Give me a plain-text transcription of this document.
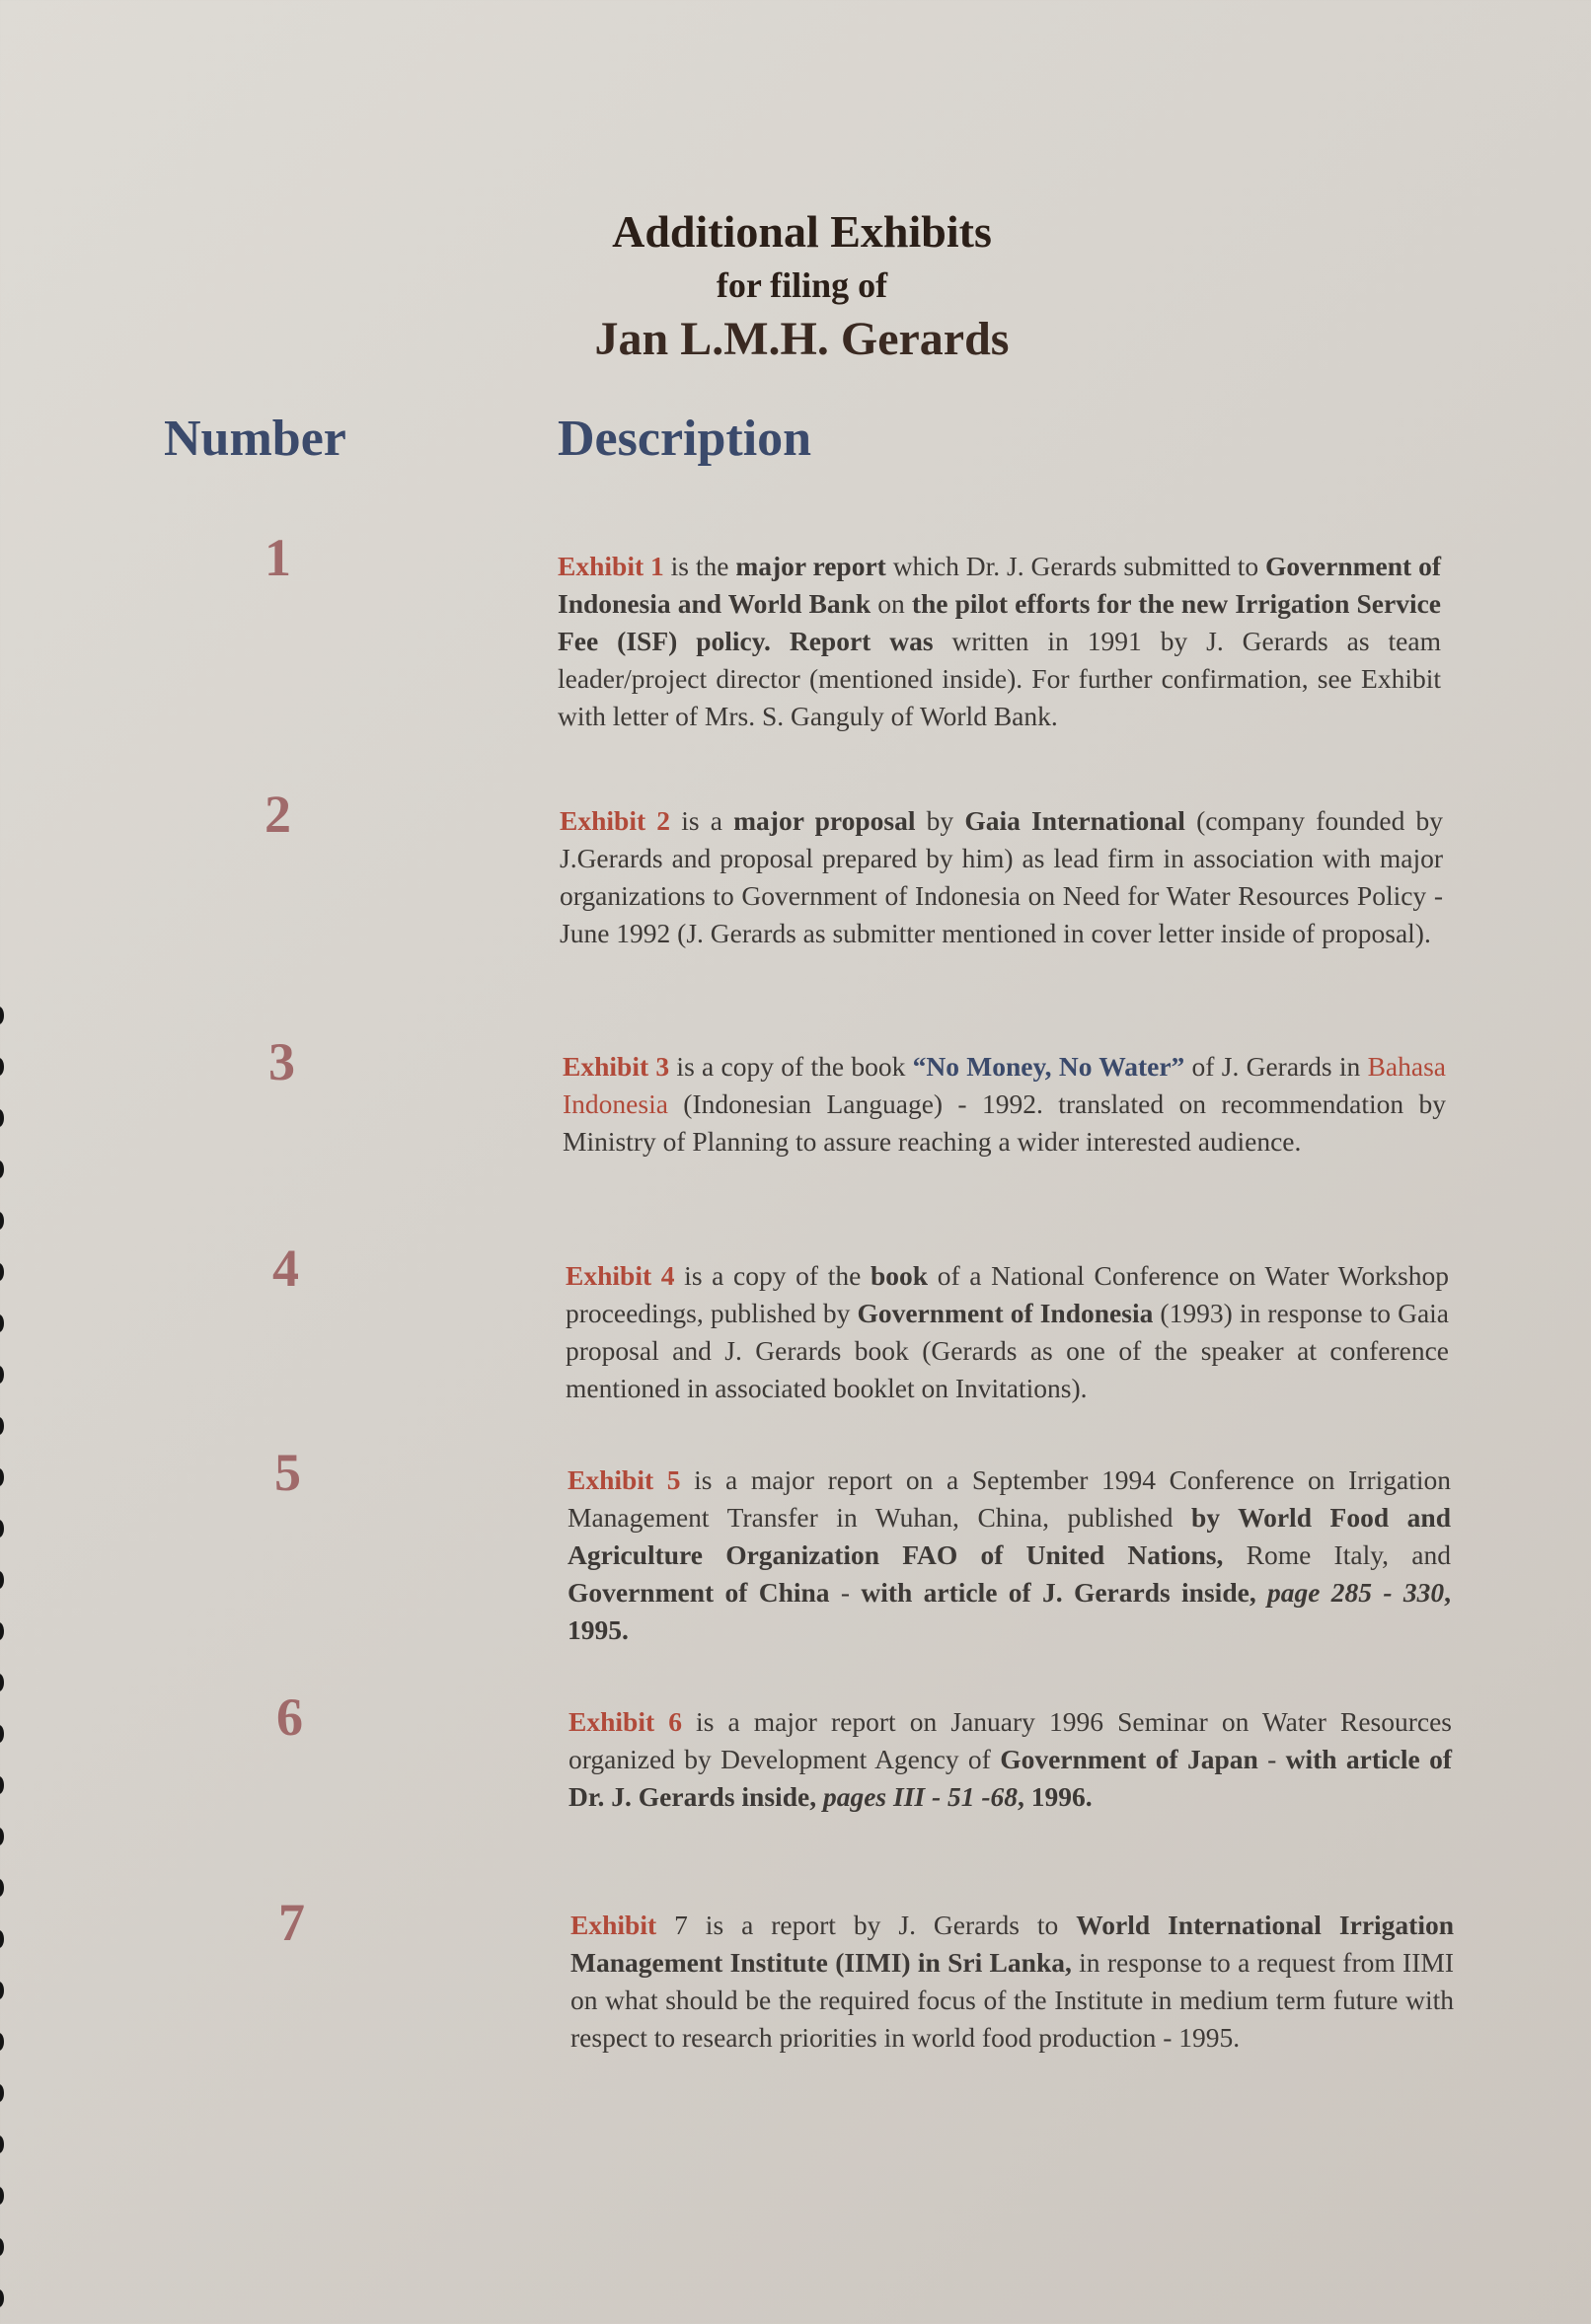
Additional Exhibits
for filing of
Jan L.M.H. Gerards
Number	Description
1	Exhibit 1 is the major report which Dr. J. Gerards submitted to Government of Indonesia and World Bank on the pilot efforts for the new Irrigation Service Fee (ISF) policy. Report was written in 1991 by J. Gerards as team leader/project director (mentioned inside). For further confirmation, see Exhibit with letter of Mrs. S. Ganguly of World Bank.
2	Exhibit 2 is a major proposal by Gaia International (company founded by J.Gerards and proposal prepared by him) as lead firm in association with major organizations to Government of Indonesia on Need for Water Resources Policy - June 1992 (J. Gerards as submitter mentioned in cover letter inside of proposal).
3	Exhibit 3 is a copy of the book “No Money, No Water” of J. Gerards in Bahasa Indonesia (Indonesian Language) - 1992. translated on recommendation by Ministry of Planning to assure reaching a wider interested audience.
4	Exhibit 4 is a copy of the book of a National Conference on Water Workshop proceedings, published by Government of Indonesia (1993) in response to Gaia proposal and J. Gerards book (Gerards as one of the speaker at conference mentioned in associated booklet on Invitations).
5	Exhibit 5 is a major report on a September 1994 Conference on Irrigation Management Transfer in Wuhan, China, published by World Food and Agriculture Organization FAO of United Nations, Rome Italy, and Government of China - with article of J. Gerards inside, page 285 - 330, 1995.
6	Exhibit 6 is a major report on January 1996 Seminar on Water Resources organized by Development Agency of Government of Japan - with article of Dr. J. Gerards inside, pages III - 51 -68, 1996.
7	Exhibit 7 is a report by J. Gerards to World International Irrigation Management Institute (IIMI) in Sri Lanka, in response to a request from IIMI on what should be the required focus of the Institute in medium term future with respect to research priorities in world food production - 1995.
